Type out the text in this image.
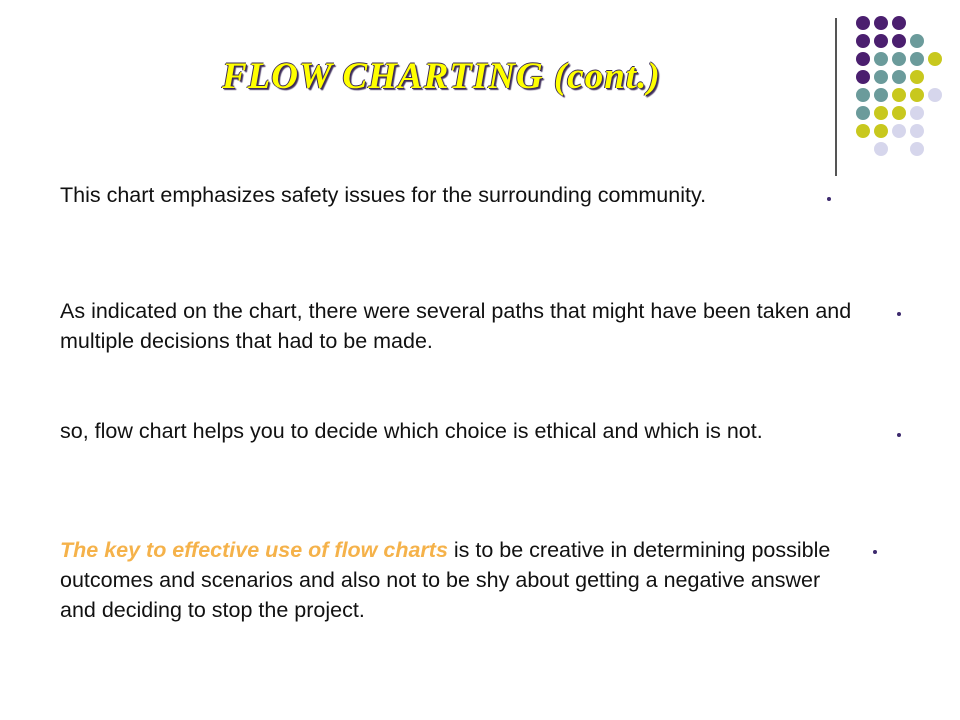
FLOW CHARTING (cont.)

This chart emphasizes safety issues for the surrounding community.

As indicated on the chart, there were several paths that might have been taken and multiple decisions that had to be made.

so, flow chart helps you to decide which choice is ethical and which is not.

The key to effective use of flow charts is to be creative in determining possible outcomes and scenarios and also not to be shy about getting a negative answer and deciding to stop the project.
